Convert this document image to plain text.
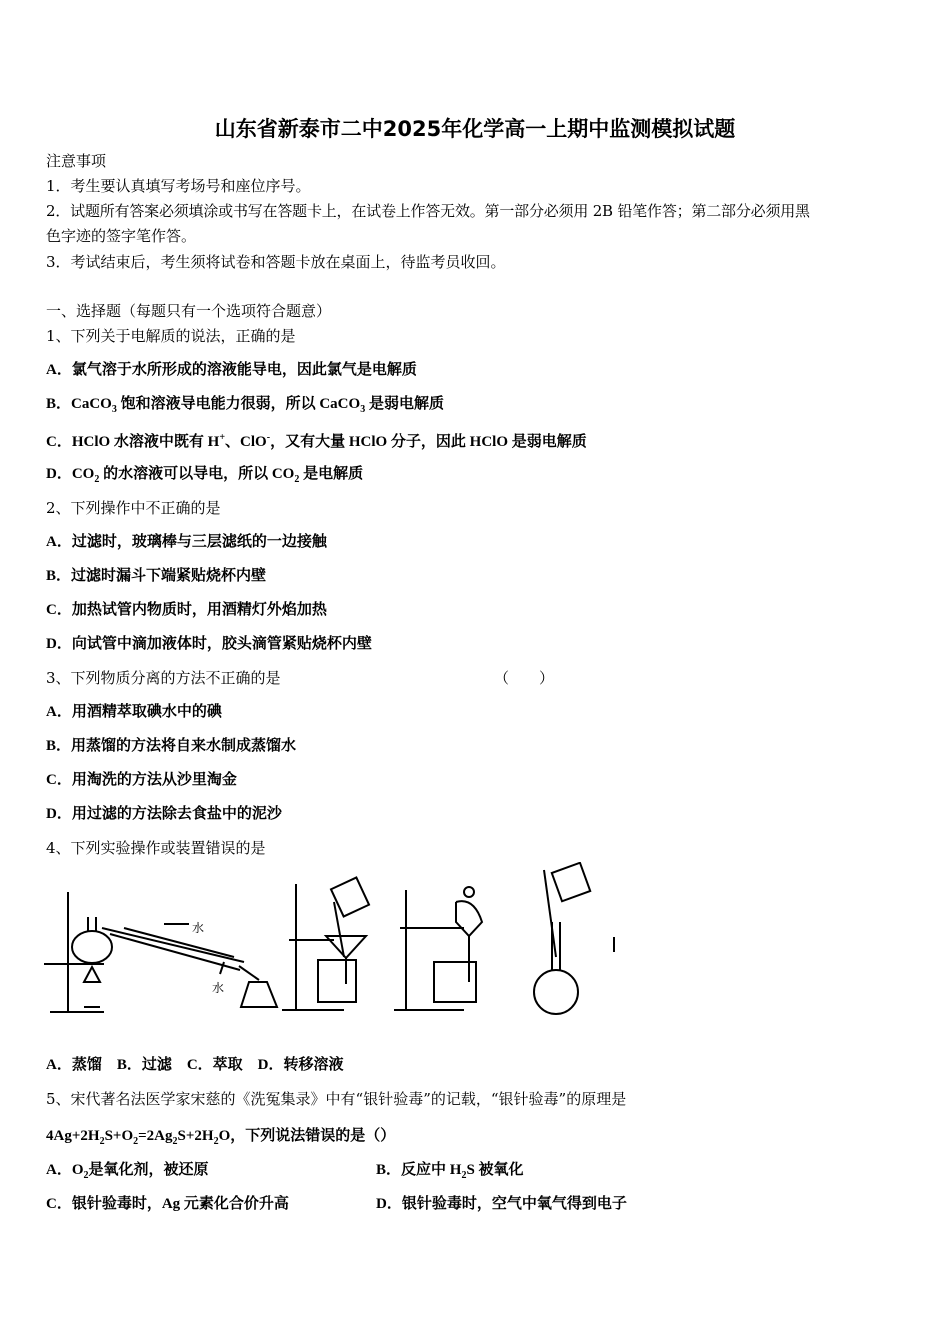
山东省新泰市二中2025年化学高一上期中监测模拟试题
注意事项
1．考生要认真填写考场号和座位序号。
2．试题所有答案必须填涂或书写在答题卡上，在试卷上作答无效。第一部分必须用 2B 铅笔作答；第二部分必须用黑
色字迹的签字笔作答。
3．考试结束后，考生须将试卷和答题卡放在桌面上，待监考员收回。
一、选择题（每题只有一个选项符合题意）
1、下列关于电解质的说法，正确的是
A．氯气溶于水所形成的溶液能导电，因此氯气是电解质
B．CaCO$_3$ 饱和溶液导电能力很弱，所以 CaCO$_3$ 是弱电解质
C．HClO 水溶液中既有 H+、ClO-，又有大量 HClO 分子，因此 HClO 是弱电解质
D．$CO_2$ 的水溶液可以导电，所以 $CO_2$ 是电解质
2、下列操作中不正确的是
A．过滤时，玻璃棒与三层滤纸的一边接触
B．过滤时漏斗下端紧贴烧杯内壁
C．加热试管内物质时，用酒精灯外焰加热
D．向试管中滴加液体时，胶头滴管紧贴烧杯内壁
3、下列物质分离的方法不正确的是	（　　）
A．用酒精萃取碘水中的碘
B．用蒸馏的方法将自来水制成蒸馏水
C．用淘洗的方法从沙里淘金
D．用过滤的方法除去食盐中的泥沙
4、下列实验操作或装置错误的是
水
水
A．蒸馏　B．过滤　C．萃取　D．转移溶液
5、宋代著名法医学家宋慈的《洗冤集录》中有“银针验毒”的记载，“银针验毒”的原理是
$4Ag+2H_2S+O_2=2Ag_2S+2H_2O$，下列说法错误的是（）
A．$O_2$是氧化剂，被还原	B．反应中 $H_2S$ 被氧化
C．银针验毒时，Ag 元素化合价升高	D．银针验毒时，空气中氧气得到电子
